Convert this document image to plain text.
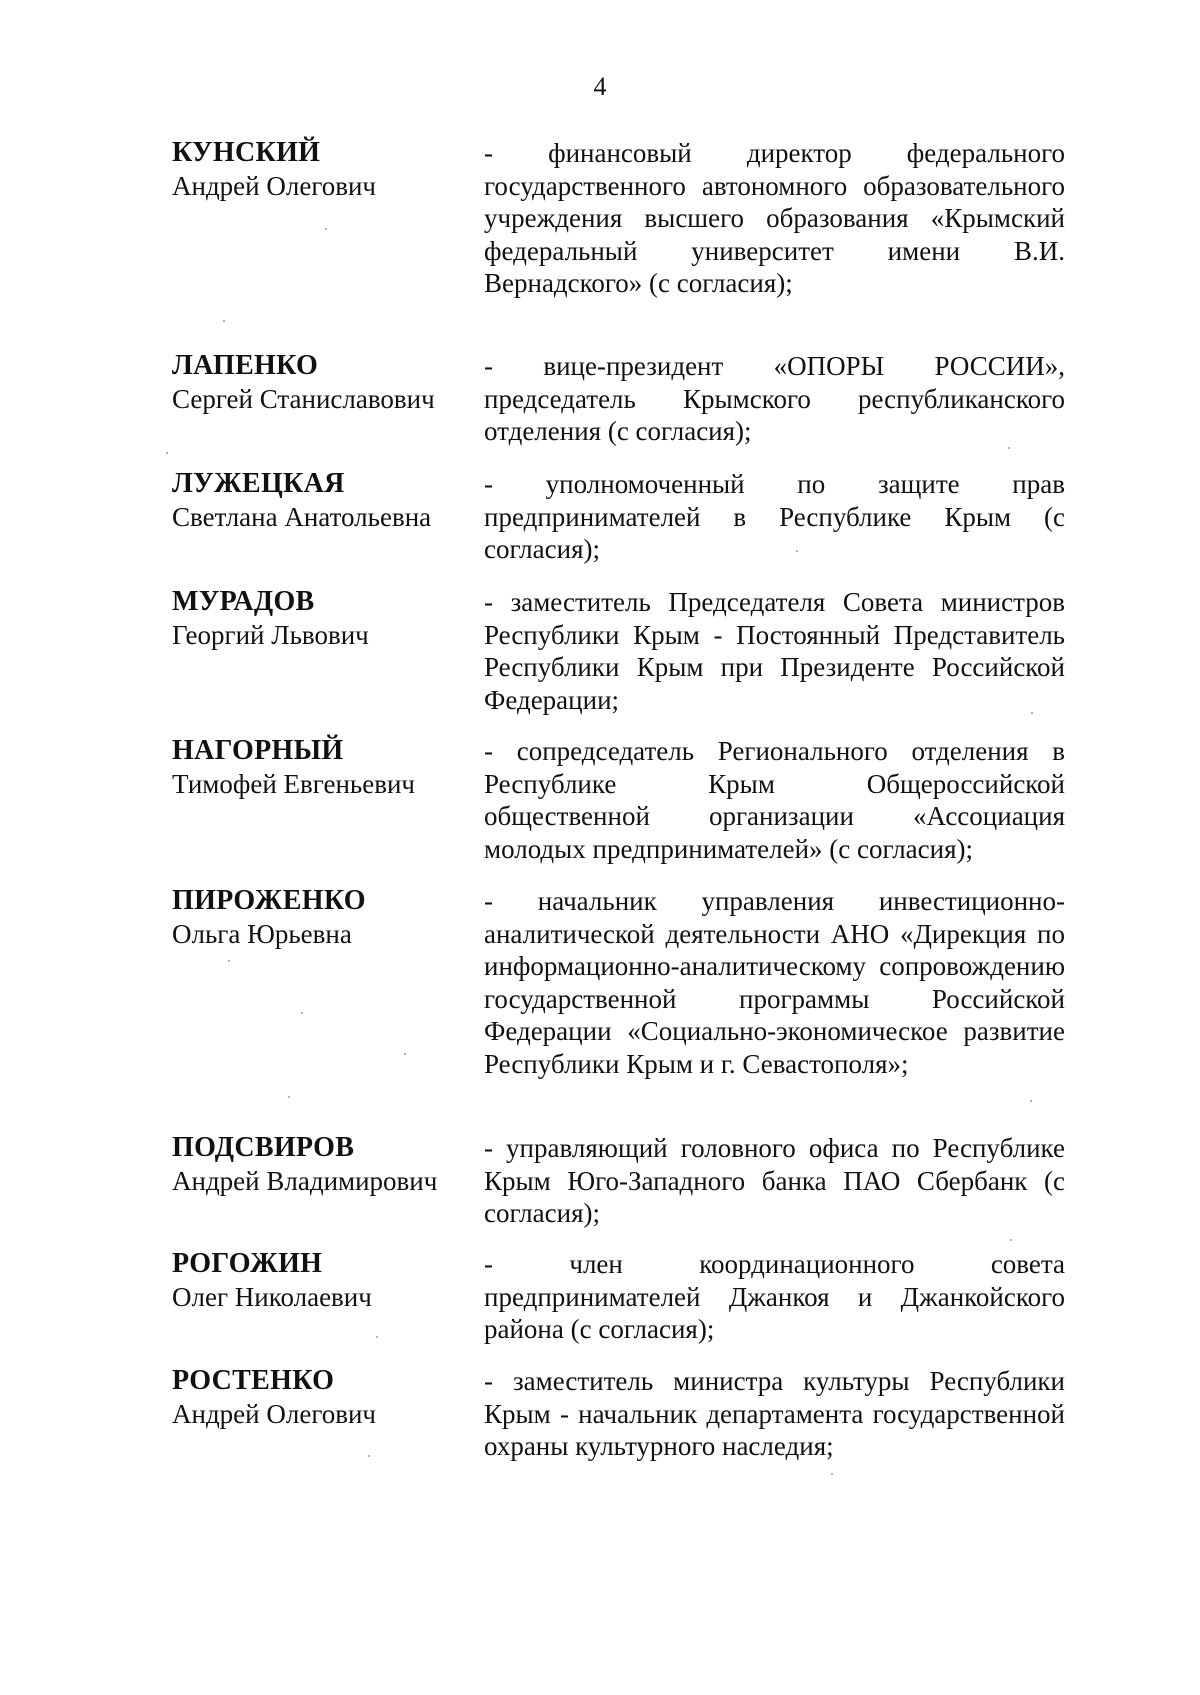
4
КУНСКИЙ
Андрей Олегович
- финансовый директор федерального государственного автономного образовательного учреждения высшего образования «Крымский федеральный университет имени В.И. Вернадского» (с согласия);
ЛАПЕНКО
Сергей Станиславович
- вице-президент «ОПОРЫ РОССИИ», председатель Крымского республиканского отделения (с согласия);
ЛУЖЕЦКАЯ
Светлана Анатольевна
- уполномоченный по защите прав предпринимателей в Республике Крым (с согласия);
МУРАДОВ
Георгий Львович
- заместитель Председателя Совета министров Республики Крым - Постоянный Представитель Республики Крым при Президенте Российской Федерации;
НАГОРНЫЙ
Тимофей Евгеньевич
- сопредседатель Регионального отделения в Республике Крым Общероссийской общественной организации «Ассоциация молодых предпринимателей» (с согласия);
ПИРОЖЕНКО
Ольга Юрьевна
- начальник управления инвестиционно-аналитической деятельности АНО «Дирекция по информационно-аналитическому сопровождению государственной программы Российской Федерации «Социально-экономическое развитие Республики Крым и г. Севастополя»;
ПОДСВИРОВ
Андрей Владимирович
- управляющий головного офиса по Республике Крым Юго-Западного банка ПАО Сбербанк (с согласия);
РОГОЖИН
Олег Николаевич
- член координационного совета предпринимателей Джанкоя и Джанкойского района (с согласия);
РОСТЕНКО
Андрей Олегович
- заместитель министра культуры Республики Крым - начальник департамента государственной охраны культурного наследия;
